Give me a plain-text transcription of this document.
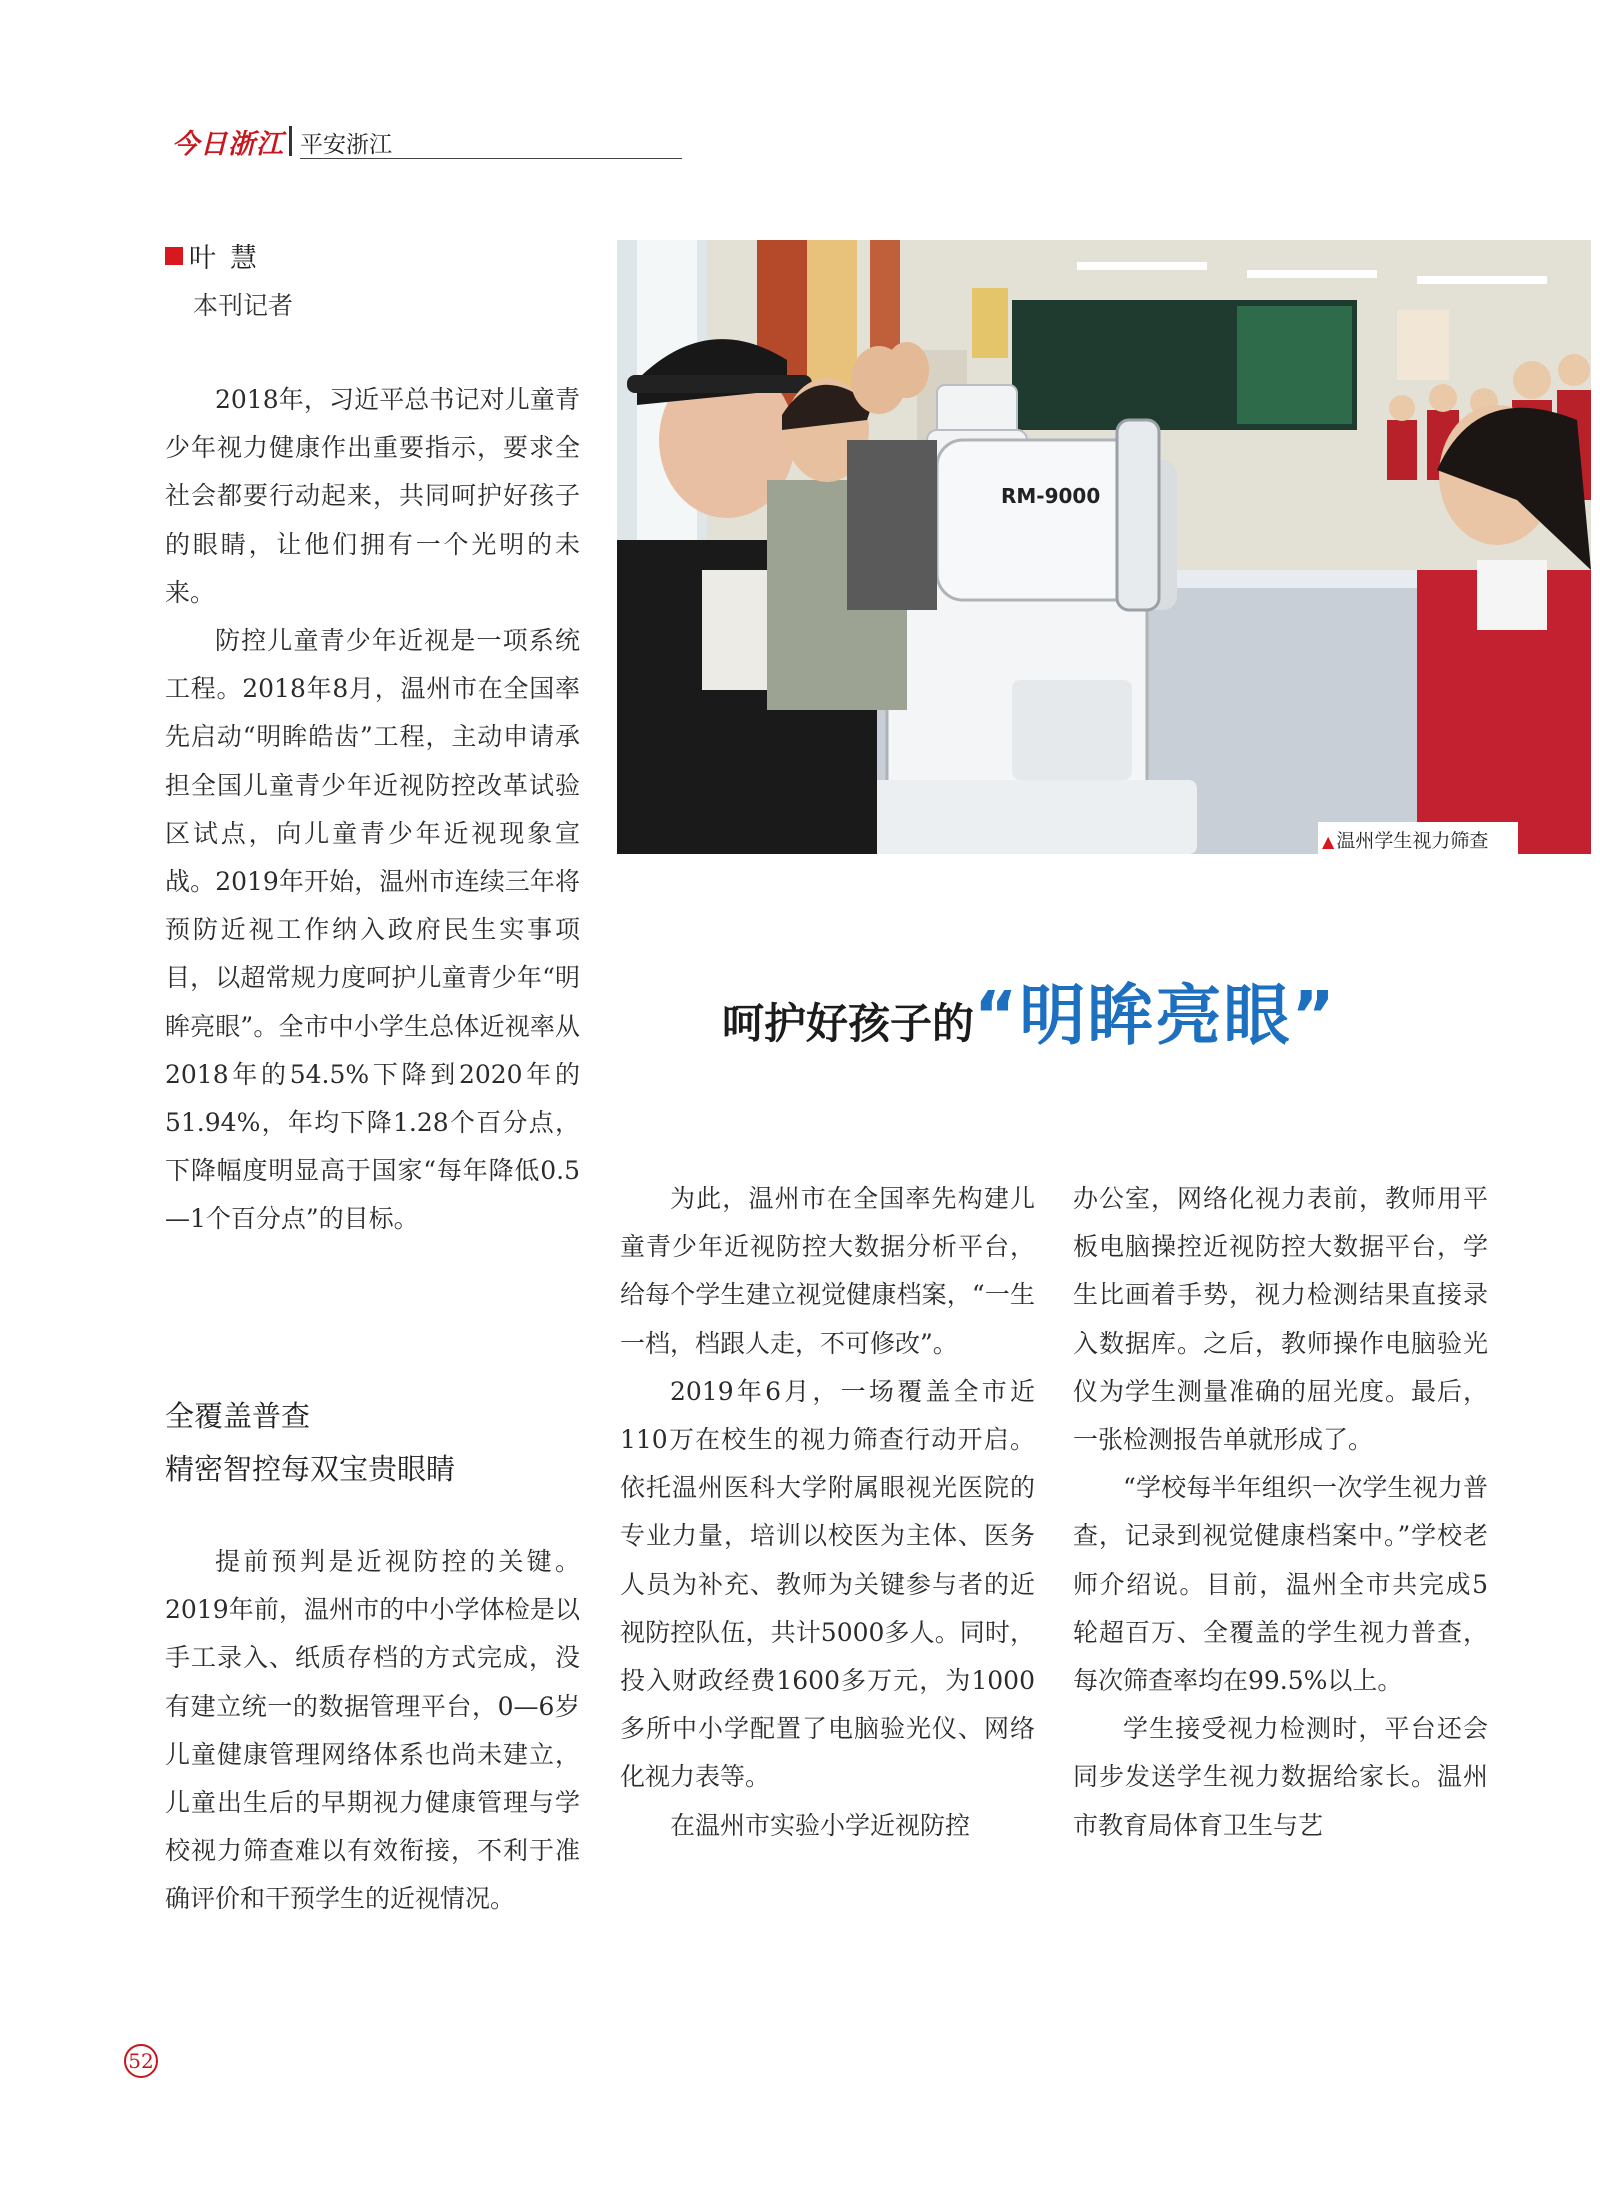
今日浙江 平安浙江
叶慧
本刊记者

2018年，习近平总书记对儿童青少年视力健康作出重要指示，要求全社会都要行动起来，共同呵护好孩子的眼睛，让他们拥有一个光明的未来。

防控儿童青少年近视是一项系统工程。2018年8月，温州市在全国率先启动“明眸皓齿”工程，主动申请承担全国儿童青少年近视防控改革试验区试点，向儿童青少年近视现象宣战。2019年开始，温州市连续三年将预防近视工作纳入政府民生实事项目，以超常规力度呵护儿童青少年“明眸亮眼”。全市中小学生总体近视率从2018年的54.5%下降到2020年的51.94%，年均下降1.28个百分点，下降幅度明显高于国家“每年降低0.5—1个百分点”的目标。

全覆盖普查
精密智控每双宝贵眼睛

提前预判是近视防控的关键。2019年前，温州市的中小学体检是以手工录入、纸质存档的方式完成，没有建立统一的数据管理平台，0—6岁儿童健康管理网络体系也尚未建立，儿童出生后的早期视力健康管理与学校视力筛查难以有效衔接，不利于准确评价和干预学生的近视情况。

RM-9000
▲ 温州学生视力筛查
呵护好孩子的“明眸亮眼”

为此，温州市在全国率先构建儿童青少年近视防控大数据分析平台，给每个学生建立视觉健康档案，“一生一档，档跟人走，不可修改”。

2019年6月，一场覆盖全市近110万在校生的视力筛查行动开启。依托温州医科大学附属眼视光医院的专业力量，培训以校医为主体、医务人员为补充、教师为关键参与者的近视防控队伍，共计5000多人。同时，投入财政经费1600多万元，为1000多所中小学配置了电脑验光仪、网络化视力表等。

在温州市实验小学近视防控

办公室，网络化视力表前，教师用平板电脑操控近视防控大数据平台，学生比画着手势，视力检测结果直接录入数据库。之后，教师操作电脑验光仪为学生测量准确的屈光度。最后，一张检测报告单就形成了。

“学校每半年组织一次学生视力普查，记录到视觉健康档案中。”学校老师介绍说。目前，温州全市共完成5轮超百万、全覆盖的学生视力普查，每次筛查率均在99.5%以上。

学生接受视力检测时，平台还会同步发送学生视力数据给家长。温州市教育局体育卫生与艺

52
